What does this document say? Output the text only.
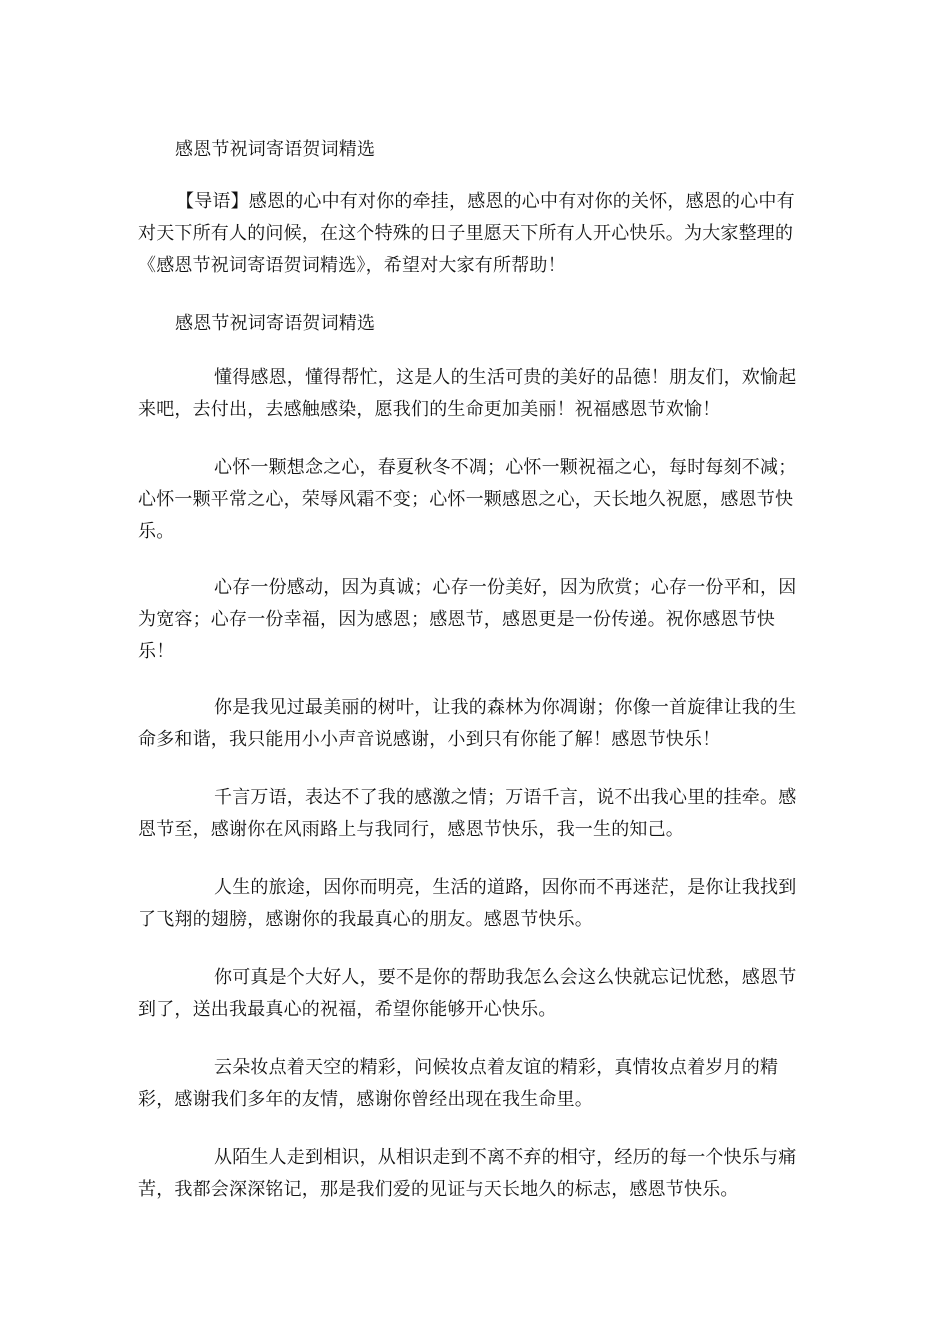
感恩节祝词寄语贺词精选

【导语】感恩的心中有对你的牵挂，感恩的心中有对你的关怀，感恩的心中有对天下所有人的问候，在这个特殊的日子里愿天下所有人开心快乐。为大家整理的《感恩节祝词寄语贺词精选》，希望对大家有所帮助！

感恩节祝词寄语贺词精选

懂得感恩，懂得帮忙，这是人的生活可贵的美好的品德！朋友们，欢愉起来吧，去付出，去感触感染，愿我们的生命更加美丽！祝福感恩节欢愉！

心怀一颗想念之心，春夏秋冬不凋；心怀一颗祝福之心，每时每刻不减；心怀一颗平常之心，荣辱风霜不变；心怀一颗感恩之心，天长地久祝愿，感恩节快乐。

心存一份感动，因为真诚；心存一份美好，因为欣赏；心存一份平和，因为宽容；心存一份幸福，因为感恩；感恩节，感恩更是一份传递。祝你感恩节快乐！

你是我见过最美丽的树叶，让我的森林为你凋谢；你像一首旋律让我的生命多和谐，我只能用小小声音说感谢，小到只有你能了解！感恩节快乐！

千言万语，表达不了我的感激之情；万语千言，说不出我心里的挂牵。感恩节至，感谢你在风雨路上与我同行，感恩节快乐，我一生的知己。

人生的旅途，因你而明亮，生活的道路，因你而不再迷茫，是你让我找到了飞翔的翅膀，感谢你的我最真心的朋友。感恩节快乐。

你可真是个大好人，要不是你的帮助我怎么会这么快就忘记忧愁，感恩节到了，送出我最真心的祝福，希望你能够开心快乐。

云朵妆点着天空的精彩，问候妆点着友谊的精彩，真情妆点着岁月的精彩，感谢我们多年的友情，感谢你曾经出现在我生命里。

从陌生人走到相识，从相识走到不离不弃的相守，经历的每一个快乐与痛苦，我都会深深铭记，那是我们爱的见证与天长地久的标志，感恩节快乐。
